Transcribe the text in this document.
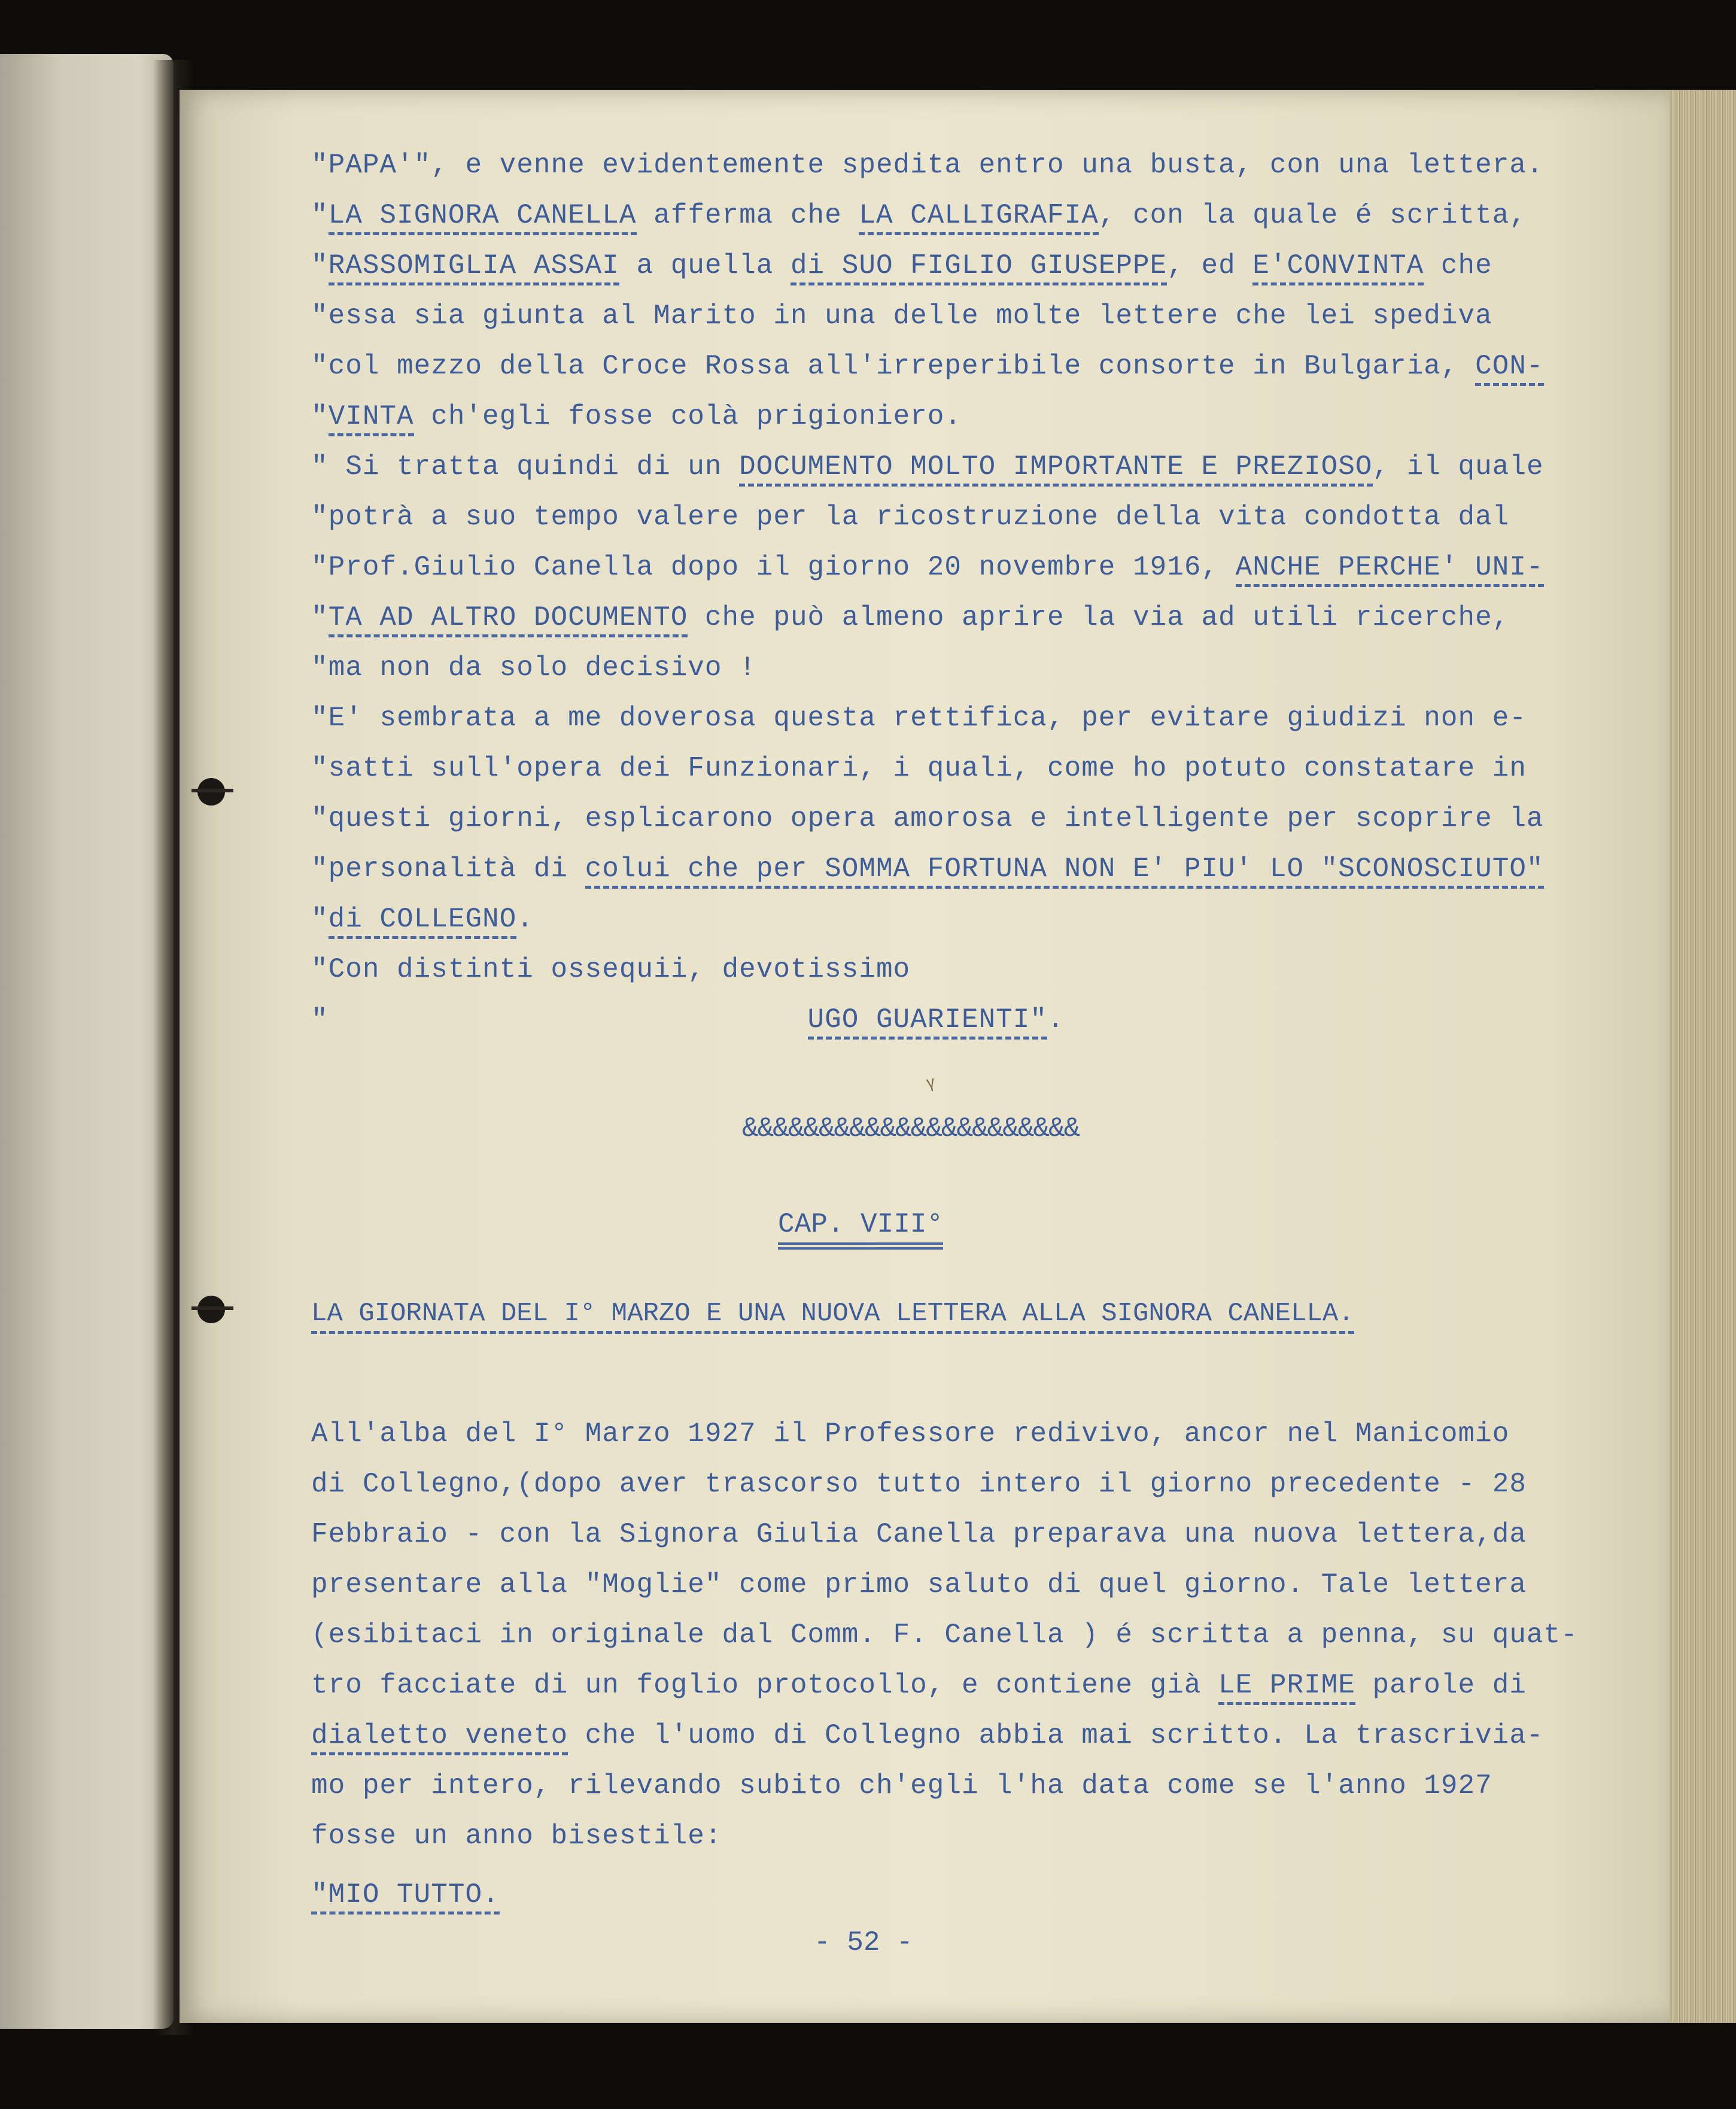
"PAPA'", e venne evidentemente spedita entro una busta, con una lettera.
"LA SIGNORA CANELLA afferma che LA CALLIGRAFIA, con la quale é scritta,
"RASSOMIGLIA ASSAI a quella di SUO FIGLIO GIUSEPPE, ed E'CONVINTA che
"essa sia giunta al Marito in una delle molte lettere che lei spediva
"col mezzo della Croce Rossa all'irreperibile consorte in Bulgaria, CON-
"VINTA ch'egli fosse colà prigioniero.
" Si tratta quindi di un DOCUMENTO MOLTO IMPORTANTE E PREZIOSO, il quale
"potrà a suo tempo valere per la ricostruzione della vita condotta dal
"Prof.Giulio Canella dopo il giorno 20 novembre 1916, ANCHE PERCHE' UNI-
"TA AD ALTRO DOCUMENTO che può almeno aprire la via ad utili ricerche,
"ma non da solo decisivo !
"E' sembrata a me doverosa questa rettifica, per evitare giudizi non e-
"satti sull'opera dei Funzionari, i quali, come ho potuto constatare in
"questi giorni, esplicarono opera amorosa e intelligente per scoprire la
"personalità di colui che per SOMMA FORTUNA NON E' PIU' LO "SCONOSCIUTO"
"di COLLEGNO.
"Con distinti ossequii, devotissimo
"                            UGO GUARIENTI".
ᵞ
&&&&&&&&&&&&&&&&&&&&&&
CAP. VIII°
LA GIORNATA DEL I° MARZO E UNA NUOVA LETTERA ALLA SIGNORA CANELLA.
All'alba del I° Marzo 1927 il Professore redivivo, ancor nel Manicomio
di Collegno,(dopo aver trascorso tutto intero il giorno precedente - 28
Febbraio - con la Signora Giulia Canella preparava una nuova lettera,da
presentare alla "Moglie" come primo saluto di quel giorno. Tale lettera
(esibitaci in originale dal Comm. F. Canella ) é scritta a penna, su quat-
tro facciate di un foglio protocollo, e contiene già LE PRIME parole di
dialetto veneto che l'uomo di Collegno abbia mai scritto. La trascrivia-
mo per intero, rilevando subito ch'egli l'ha data come se l'anno 1927
fosse un anno bisestile:
"MIO TUTTO.
- 52 -
